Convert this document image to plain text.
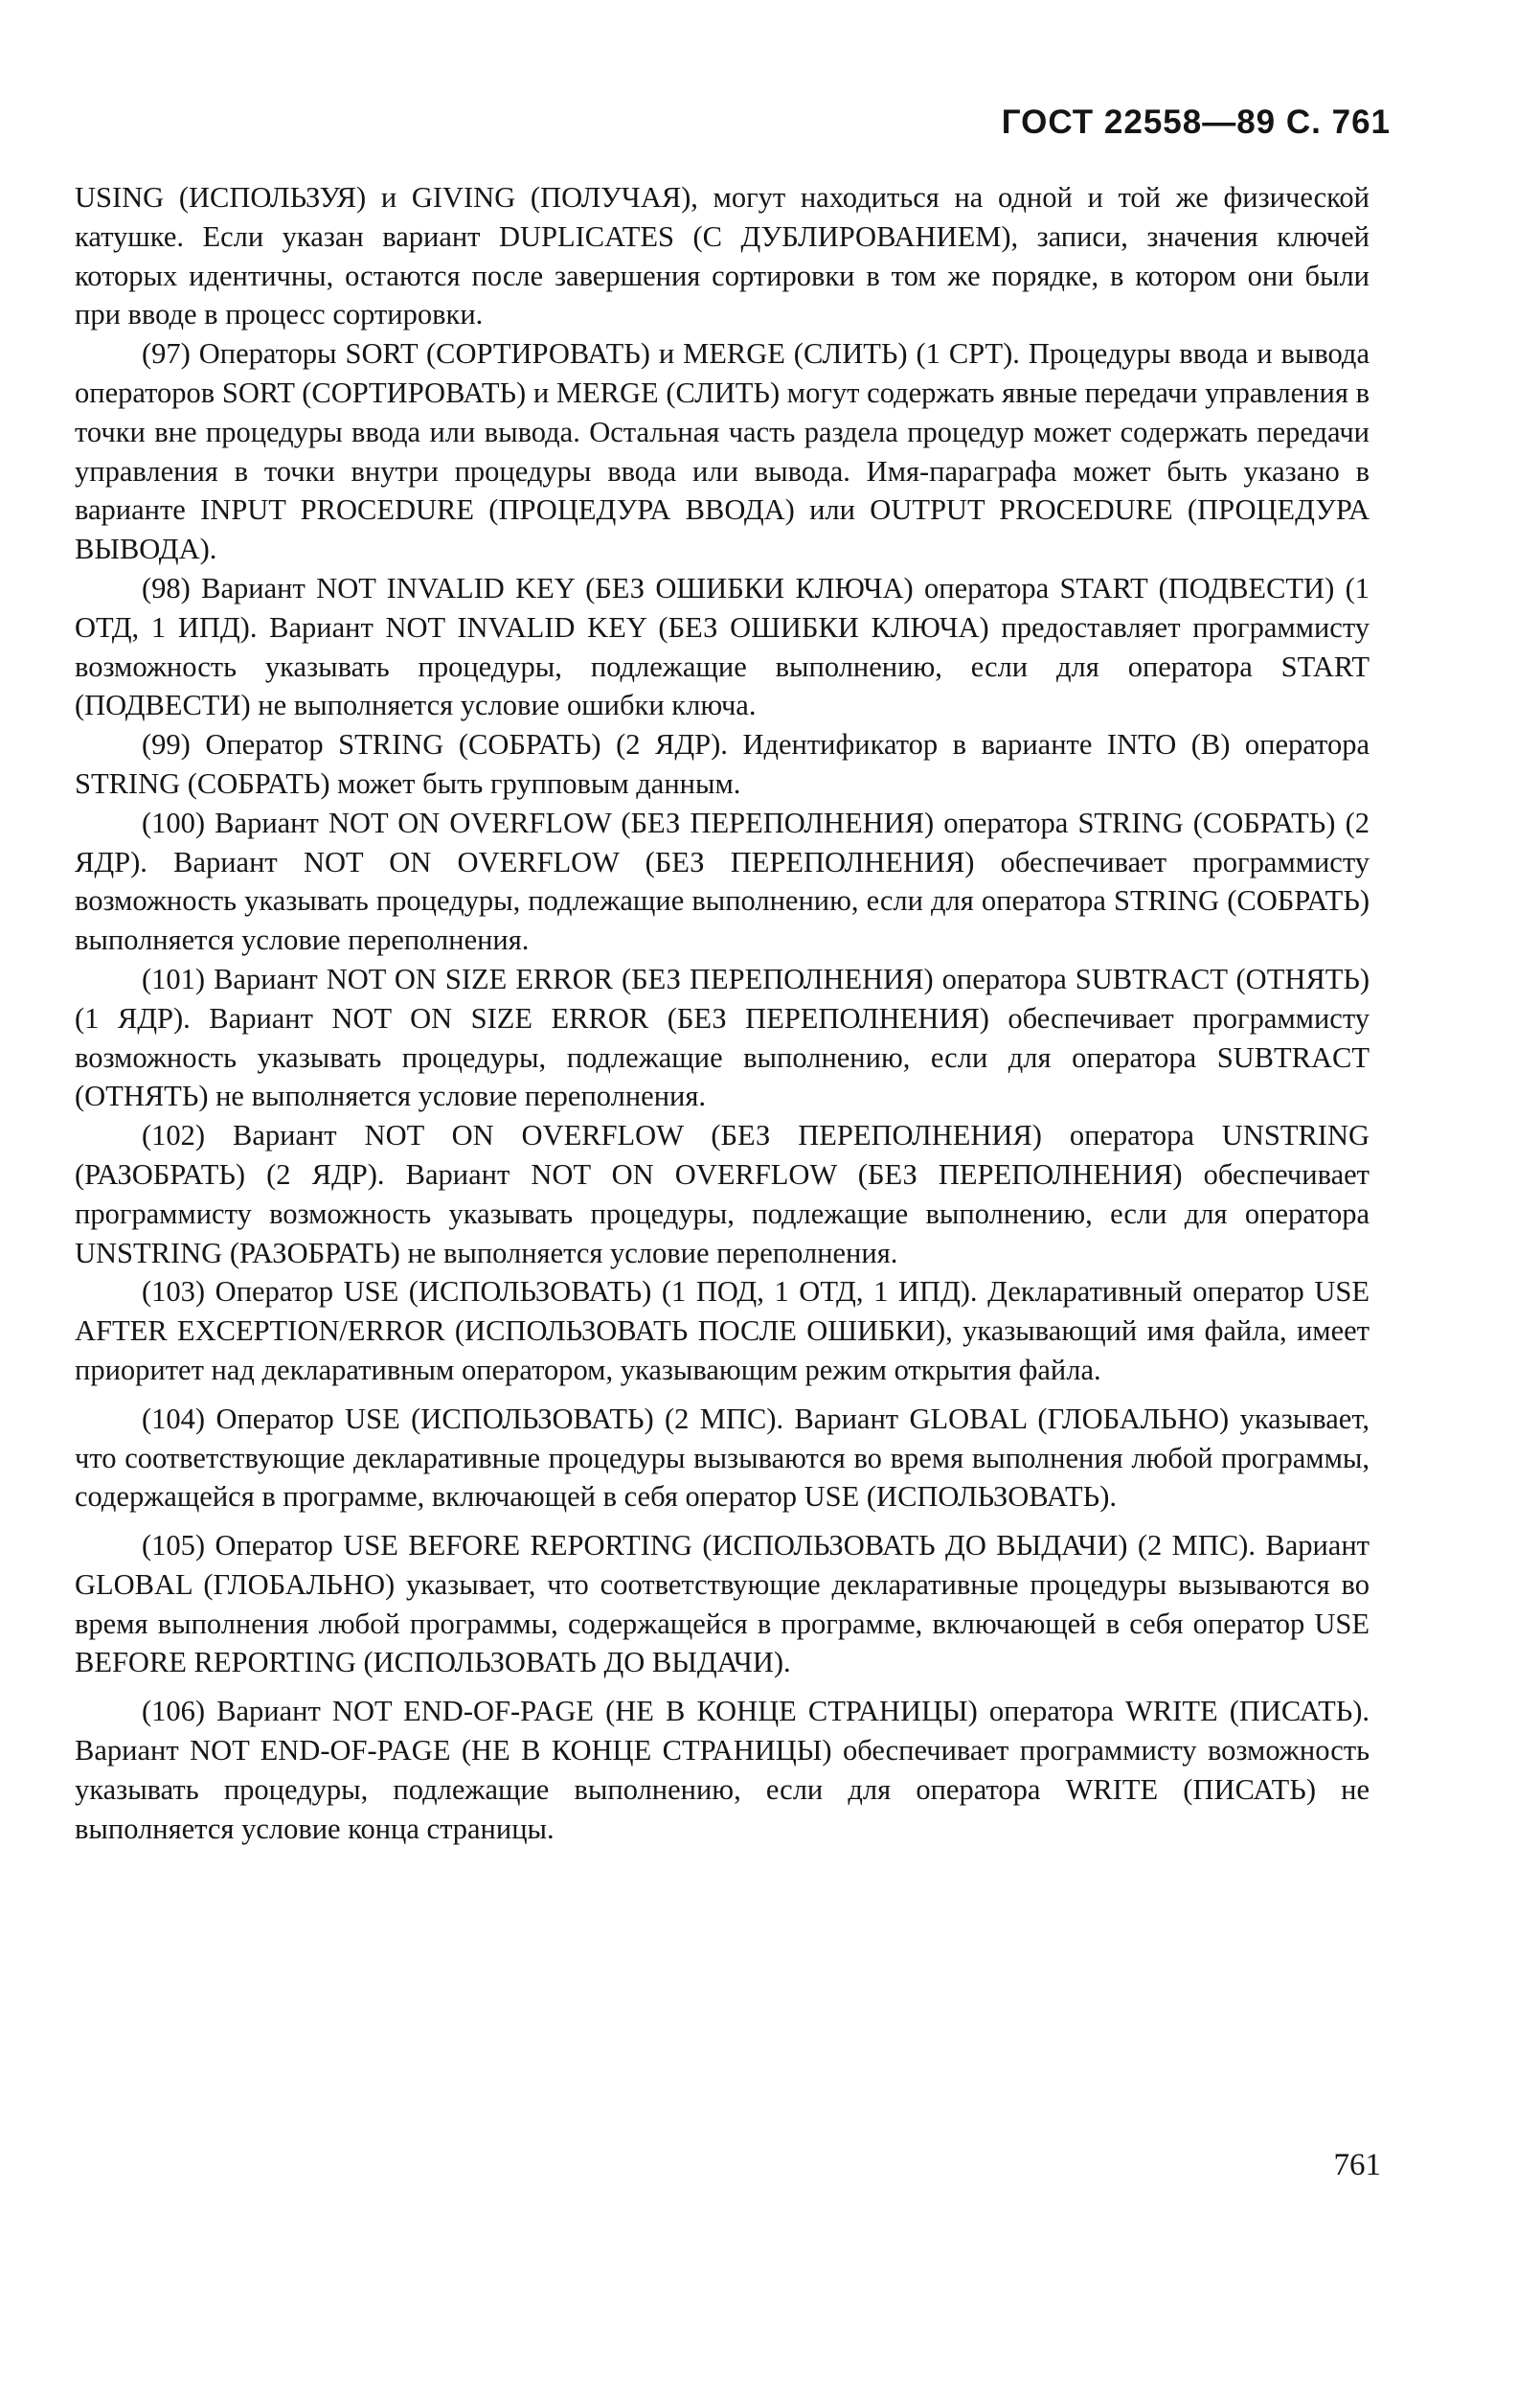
ГОСТ 22558—89 С. 761

USING (ИСПОЛЬЗУЯ) и GIVING (ПОЛУЧАЯ), могут находиться на одной и той же физической катушке. Если указан вариант DUPLICATES (С ДУБЛИРОВАНИЕМ), записи, значения ключей которых идентичны, остаются после завершения сортировки в том же порядке, в котором они были при вводе в процесс сортировки.

(97) Операторы SORT (СОРТИРОВАТЬ) и MERGE (СЛИТЬ) (1 СРТ). Процедуры ввода и вывода операторов SORT (СОРТИРОВАТЬ) и MERGE (СЛИТЬ) могут содержать явные передачи управления в точки вне процедуры ввода или вывода. Остальная часть раздела процедур может содержать передачи управления в точки внутри процедуры ввода или вывода. Имя-параграфа может быть указано в варианте INPUT PROCEDURE (ПРОЦЕДУРА ВВОДА) или OUTPUT PROCEDURE (ПРОЦЕДУРА ВЫВОДА).

(98) Вариант NOT INVALID KEY (БЕЗ ОШИБКИ КЛЮЧА) оператора START (ПОДВЕСТИ) (1 ОТД, 1 ИПД). Вариант NOT INVALID KEY (БЕЗ ОШИБКИ КЛЮЧА) предоставляет программисту возможность указывать процедуры, подлежащие выполнению, если для оператора START (ПОДВЕСТИ) не выполняется условие ошибки ключа.

(99) Оператор STRING (СОБРАТЬ) (2 ЯДР). Идентификатор в варианте INTO (В) оператора STRING (СОБРАТЬ) может быть групповым данным.

(100) Вариант NOT ON OVERFLOW (БЕЗ ПЕРЕПОЛНЕНИЯ) оператора STRING (СОБРАТЬ) (2 ЯДР). Вариант NOT ON OVERFLOW (БЕЗ ПЕРЕПОЛНЕНИЯ) обеспечивает программисту возможность указывать процедуры, подлежащие выполнению, если для оператора STRING (СОБРАТЬ) выполняется условие переполнения.

(101) Вариант NOT ON SIZE ERROR (БЕЗ ПЕРЕПОЛНЕНИЯ) оператора SUBTRACT (ОТНЯТЬ) (1 ЯДР). Вариант NOT ON SIZE ERROR (БЕЗ ПЕРЕПОЛНЕНИЯ) обеспечивает программисту возможность указывать процедуры, подлежащие выполнению, если для оператора SUBTRACT (ОТНЯТЬ) не выполняется условие переполнения.

(102) Вариант NOT ON OVERFLOW (БЕЗ ПЕРЕПОЛНЕНИЯ) оператора UNSTRING (РАЗОБРАТЬ) (2 ЯДР). Вариант NOT ON OVERFLOW (БЕЗ ПЕРЕПОЛНЕНИЯ) обеспечивает программисту возможность указывать процедуры, подлежащие выполнению, если для оператора UNSTRING (РАЗОБРАТЬ) не выполняется условие переполнения.

(103) Оператор USE (ИСПОЛЬЗОВАТЬ) (1 ПОД, 1 ОТД, 1 ИПД). Декларативный оператор USE AFTER EXCEPTION/ERROR (ИСПОЛЬЗОВАТЬ ПОСЛЕ ОШИБКИ), указывающий имя файла, имеет приоритет над декларативным оператором, указывающим режим открытия файла.

(104) Оператор USE (ИСПОЛЬЗОВАТЬ) (2 МПС). Вариант GLOBAL (ГЛОБАЛЬНО) указывает, что соответствующие декларативные процедуры вызываются во время выполнения любой программы, содержащейся в программе, включающей в себя оператор USE (ИСПОЛЬЗОВАТЬ).

(105) Оператор USE BEFORE REPORTING (ИСПОЛЬЗОВАТЬ ДО ВЫДАЧИ) (2 МПС). Вариант GLOBAL (ГЛОБАЛЬНО) указывает, что соответствующие декларативные процедуры вызываются во время выполнения любой программы, содержащейся в программе, включающей в себя оператор USE BEFORE REPORTING (ИСПОЛЬЗОВАТЬ ДО ВЫДАЧИ).

(106) Вариант NOT END-OF-PAGE (НЕ В КОНЦЕ СТРАНИЦЫ) оператора WRITE (ПИСАТЬ). Вариант NOT END-OF-PAGE (НЕ В КОНЦЕ СТРАНИЦЫ) обеспечивает программисту возможность указывать процедуры, подлежащие выполнению, если для оператора WRITE (ПИСАТЬ) не выполняется условие конца страницы.

761
